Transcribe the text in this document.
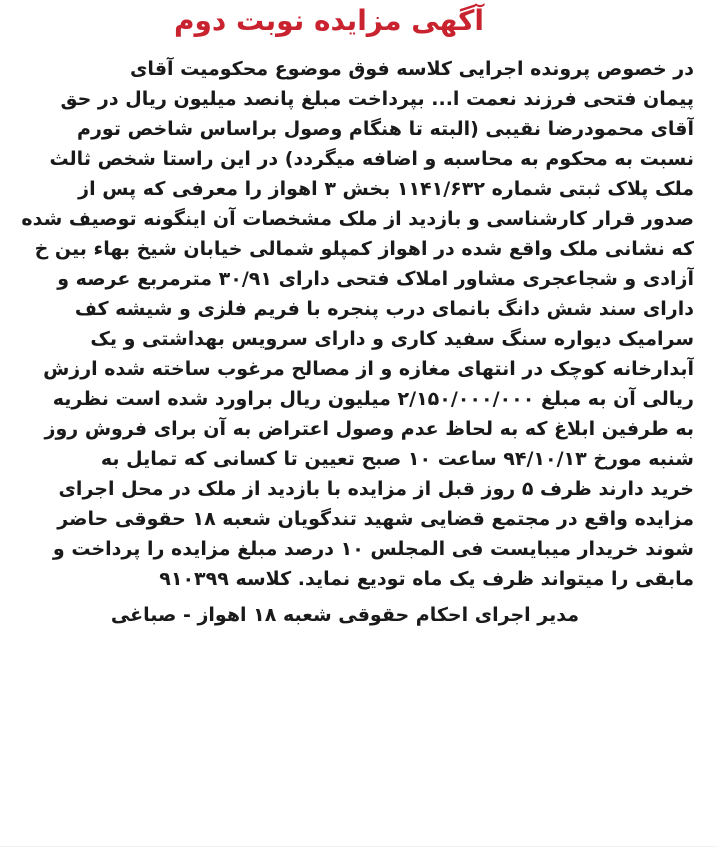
آگهی مزایده نوبت دوم
در خصوص پرونده اجرایی کلاسه فوق موضوع محکومیت آقای
پیمان فتحی فرزند نعمت ا... بپرداخت مبلغ پانصد میلیون ریال در حق
آقای محمودرضا نقیبی (البته تا هنگام وصول براساس شاخص تورم
نسبت به محکوم به محاسبه و اضافه میگردد) در این راستا شخص ثالث
ملک پلاک ثبتی شماره ۱۱۴۱/۶۳۲ بخش ۳ اهواز را معرفی که پس از
صدور قرار کارشناسی و بازدید از ملک مشخصات آن اینگونه توصیف شده
که نشانی ملک واقع شده در اهواز کمپلو شمالی خیابان شیخ بهاء بین خ
آزادی و شجاعجری مشاور املاک فتحی دارای ۳۰/۹۱ مترمربع عرصه و
دارای سند شش دانگ بانمای درب پنجره با فریم فلزی و شیشه کف
سرامیک دیواره سنگ سفید کاری و دارای سرویس بهداشتی و یک
آبدارخانه کوچک در انتهای مغازه و از مصالح مرغوب ساخته شده ارزش
ریالی آن به مبلغ ۲/۱۵۰/۰۰۰/۰۰۰ میلیون ریال براورد شده است نظریه
به طرفین ابلاغ که به لحاظ عدم وصول اعتراض به آن برای فروش روز
شنبه مورخ ۹۴/۱۰/۱۳ ساعت ۱۰ صبح تعیین تا کسانی که تمایل به
خرید دارند ظرف ۵ روز قبل از مزایده با بازدید از ملک در محل اجرای
مزایده واقع در مجتمع قضایی شهید تندگویان شعبه ۱۸ حقوقی حاضر
شوند خریدار میبایست فی المجلس ۱۰ درصد مبلغ مزایده را پرداخت و
مابقی را میتواند ظرف یک ماه تودیع نماید. کلاسه ۹۱۰۳۹۹
مدیر اجرای احکام حقوقی شعبه ۱۸ اهواز - صباغی
